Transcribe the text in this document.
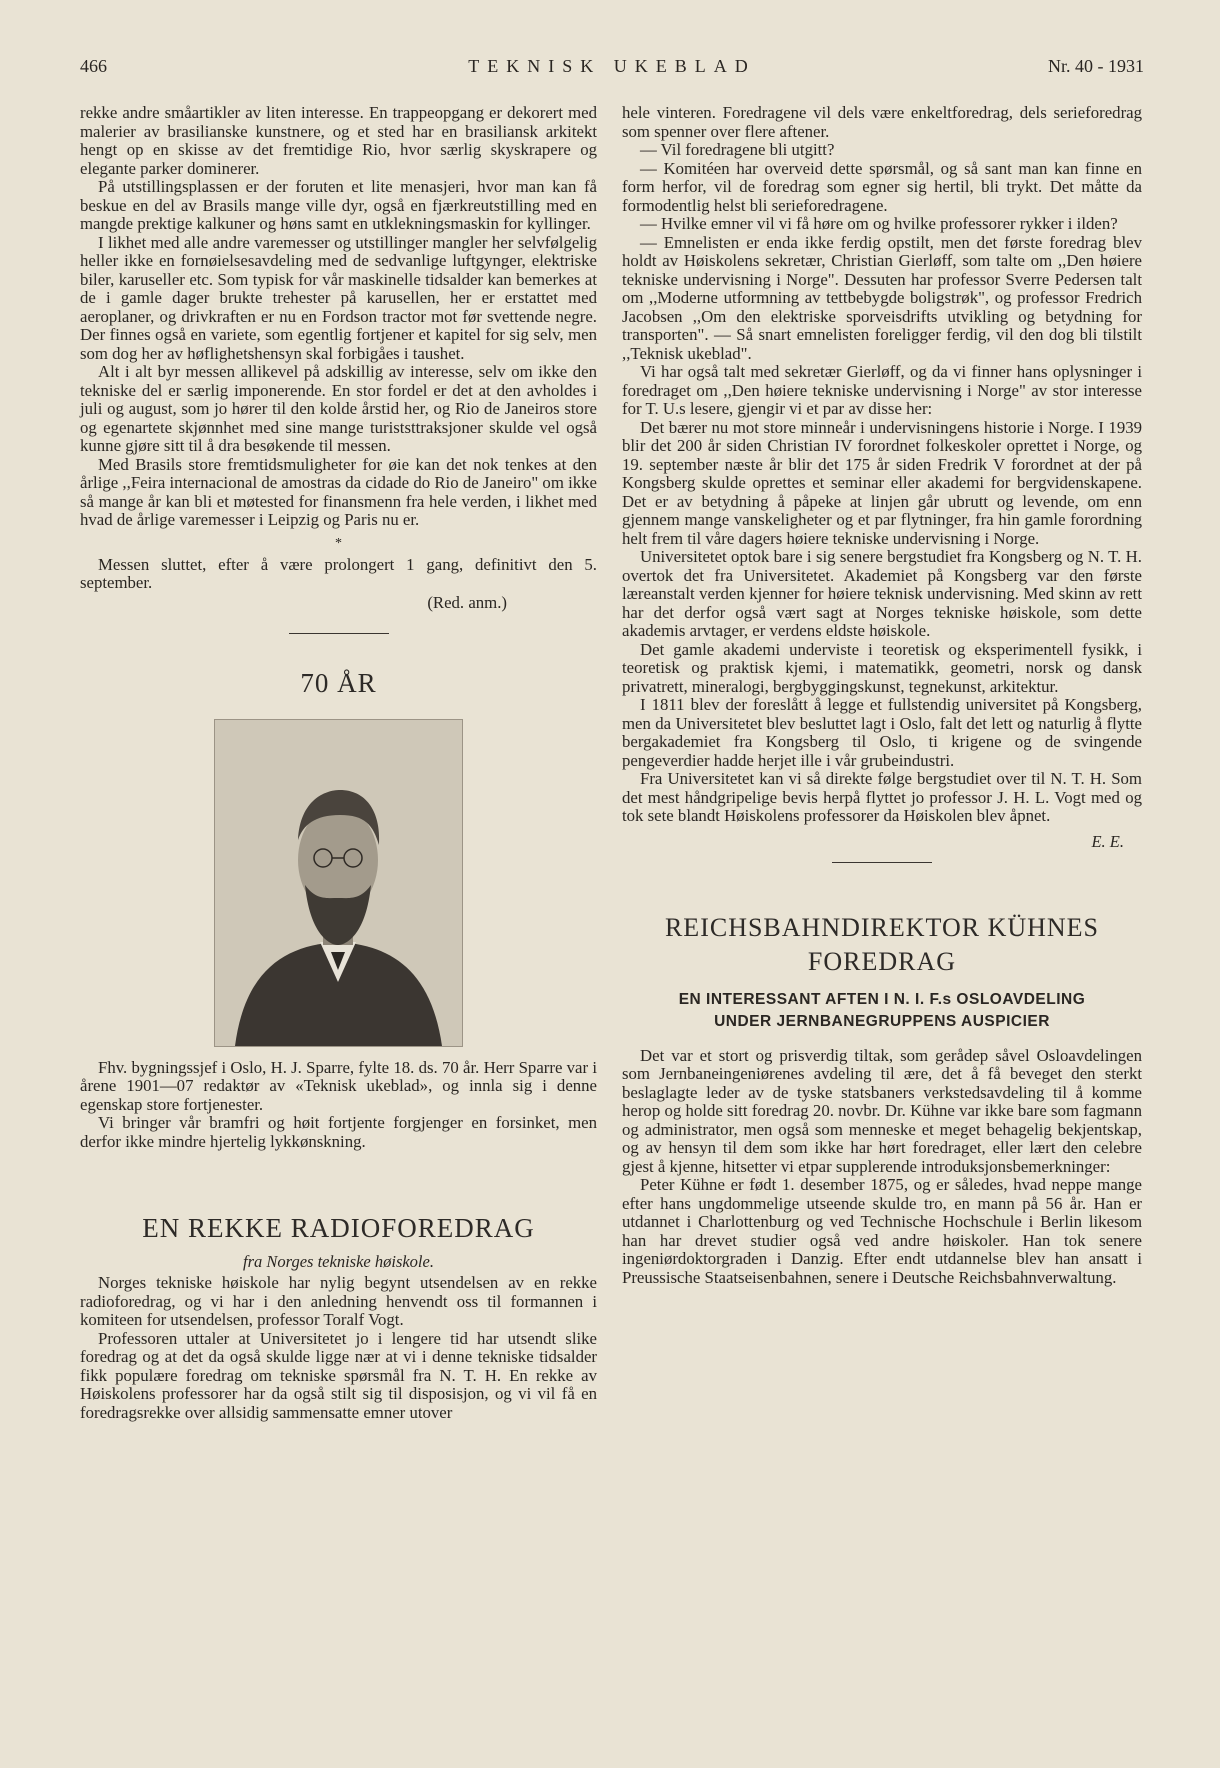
466	TEKNISK UKEBLAD	Nr. 40 - 1931

rekke andre småartikler av liten interesse. En trappeopgang er dekorert med malerier av brasilianske kunstnere, og et sted har en brasiliansk arkitekt hengt op en skisse av det fremtidige Rio, hvor særlig skyskrapere og elegante parker dominerer.

På utstillingsplassen er der foruten et lite menasjeri, hvor man kan få beskue en del av Brasils mange ville dyr, også en fjærkreutstilling med en mangde prektige kalkuner og høns samt en utklekningsmaskin for kyllinger.

I likhet med alle andre varemesser og utstillinger mangler her selvfølgelig heller ikke en fornøielsesavdeling med de sedvanlige luftgynger, elektriske biler, karuseller etc. Som typisk for vår maskinelle tidsalder kan bemerkes at de i gamle dager brukte trehester på karusellen, her er erstattet med aeroplaner, og drivkraften er nu en Fordson tractor mot før svettende negre. Der finnes også en variete, som egentlig fortjener et kapitel for sig selv, men som dog her av høflighetshensyn skal forbigåes i taushet.

Alt i alt byr messen allikevel på adskillig av interesse, selv om ikke den tekniske del er særlig imponerende. En stor fordel er det at den avholdes i juli og august, som jo hører til den kolde årstid her, og Rio de Janeiros store og egenartete skjønnhet med sine mange turiststtraksjoner skulde vel også kunne gjøre sitt til å dra besøkende til messen.

Med Brasils store fremtidsmuligheter for øie kan det nok tenkes at den årlige ,,Feira internacional de amostras da cidade do Rio de Janeiro" om ikke så mange år kan bli et møtested for finansmenn fra hele verden, i likhet med hvad de årlige varemesser i Leipzig og Paris nu er.

*

Messen sluttet, efter å være prolongert 1 gang, definitivt den 5. september.

(Red. anm.)
70 ÅR

Fhv. bygningssjef i Oslo, H. J. Sparre, fylte 18. ds. 70 år. Herr Sparre var i årene 1901—07 redaktør av «Teknisk ukeblad», og innla sig i denne egenskap store fortjenester.

Vi bringer vår bramfri og høit fortjente forgjenger en forsinket, men derfor ikke mindre hjertelig lykkønskning.

EN REKKE RADIOFOREDRAG
fra Norges tekniske høiskole.

Norges tekniske høiskole har nylig begynt utsendelsen av en rekke radioforedrag, og vi har i den anledning henvendt oss til formannen i komiteen for utsendelsen, professor Toralf Vogt.

Professoren uttaler at Universitetet jo i lengere tid har utsendt slike foredrag og at det da også skulde ligge nær at vi i denne tekniske tidsalder fikk populære foredrag om tekniske spørsmål fra N. T. H. En rekke av Høiskolens professorer har da også stilt sig til disposisjon, og vi vil få en foredragsrekke over allsidig sammensatte emner utover

hele vinteren. Foredragene vil dels være enkeltforedrag, dels serieforedrag som spenner over flere aftener.

— Vil foredragene bli utgitt?

— Komitéen har overveid dette spørsmål, og så sant man kan finne en form herfor, vil de foredrag som egner sig hertil, bli trykt. Det måtte da formodentlig helst bli serieforedragene.

— Hvilke emner vil vi få høre om og hvilke professorer rykker i ilden?

— Emnelisten er enda ikke ferdig opstilt, men det første foredrag blev holdt av Høiskolens sekretær, Christian Gierløff, som talte om ,,Den høiere tekniske undervisning i Norge". Dessuten har professor Sverre Pedersen talt om ,,Moderne utformning av tettbebygde boligstrøk", og professor Fredrich Jacobsen ,,Om den elektriske sporveisdrifts utvikling og betydning for transporten". — Så snart emnelisten foreligger ferdig, vil den dog bli tilstilt ,,Teknisk ukeblad".

Vi har også talt med sekretær Gierløff, og da vi finner hans oplysninger i foredraget om ,,Den høiere tekniske undervisning i Norge" av stor interesse for T. U.s lesere, gjengir vi et par av disse her:

Det bærer nu mot store minneår i undervisningens historie i Norge. I 1939 blir det 200 år siden Christian IV forordnet folkeskoler oprettet i Norge, og 19. september næste år blir det 175 år siden Fredrik V forordnet at der på Kongsberg skulde oprettes et seminar eller akademi for bergvidenskapene. Det er av betydning å påpeke at linjen går ubrutt og levende, om enn gjennem mange vanskeligheter og et par flytninger, fra hin gamle forordning helt frem til våre dagers høiere tekniske undervisning i Norge.

Universitetet optok bare i sig senere bergstudiet fra Kongsberg og N. T. H. overtok det fra Universitetet. Akademiet på Kongsberg var den første læreanstalt verden kjenner for høiere teknisk undervisning. Med skinn av rett har det derfor også vært sagt at Norges tekniske høiskole, som dette akademis arvtager, er verdens eldste høiskole.

Det gamle akademi underviste i teoretisk og eksperimentell fysikk, i teoretisk og praktisk kjemi, i matematikk, geometri, norsk og dansk privatrett, mineralogi, bergbyggingskunst, tegnekunst, arkitektur.

I 1811 blev der foreslått å legge et fullstendig universitet på Kongsberg, men da Universitetet blev besluttet lagt i Oslo, falt det lett og naturlig å flytte bergakademiet fra Kongsberg til Oslo, ti krigene og de svingende pengeverdier hadde herjet ille i vår grubeindustri.

Fra Universitetet kan vi så direkte følge bergstudiet over til N. T. H. Som det mest håndgripelige bevis herpå flyttet jo professor J. H. L. Vogt med og tok sete blandt Høiskolens professorer da Høiskolen blev åpnet.

E. E.
REICHSBAHNDIREKTOR KÜHNES
FOREDRAG
EN INTERESSANT AFTEN I N. I. F.s OSLOAVDELING
UNDER JERNBANEGRUPPENS AUSPICIER

Det var et stort og prisverdig tiltak, som gerådер såvel Osloavdelingen som Jernbaneingeniørenes avdeling til ære, det å få beveget den sterkt beslaglagte leder av de tyske statsbaners verkstedsavdeling til å komme herop og holde sitt foredrag 20. novbr. Dr. Kühne var ikke bare som fagmann og administrator, men også som menneske et meget behagelig bekjentskap, og av hensyn til dem som ikke har hørt foredraget, eller lært den celebre gjest å kjenne, hitsetter vi etpar supplerende introduksjonsbemerkninger:

Peter Kühne er født 1. desember 1875, og er således, hvad neppe mange efter hans ungdommelige utseende skulde tro, en mann på 56 år. Han er utdannet i Charlottenburg og ved Technische Hochschule i Berlin likesom han har drevet studier også ved andre høiskoler. Han tok senere ingeniørdoktorgraden i Danzig. Efter endt utdannelse blev han ansatt i Preussische Staatseisenbahnen, senere i Deutsche Reichsbahnverwaltung.
